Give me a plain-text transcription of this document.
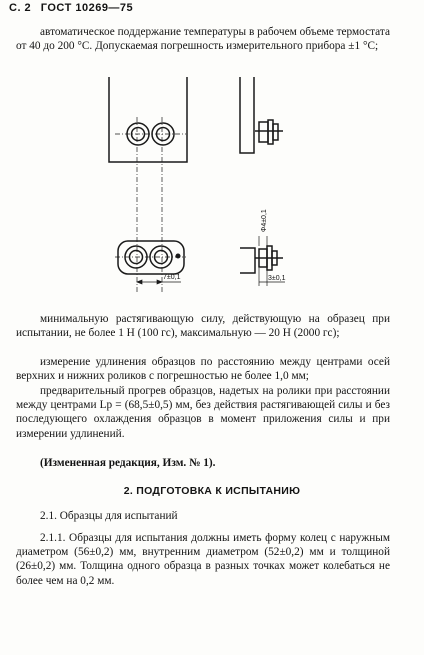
С. 2 ГОСТ 10269—75

автоматическое поддержание температуры в рабочем объеме термостата от 40 до 200 °С. Допускаемая погрешность измерительного прибора ±1 °С;

Ф4±0,1
3±0,1
7±0,1

минимальную растягивающую силу, действующую на образец при испытании, не более 1 Н (100 гс), максимальную — 20 Н (2000 гс);

измерение удлинения образцов по расстоянию между центрами осей верхних и нижних роликов с погрешностью не более 1,0 мм;

предварительный прогрев образцов, надетых на ролики при расстоянии между центрами Lр = (68,5±0,5) мм, без действия растягивающей силы и без последующего охлаждения образцов в момент приложения силы и при измерении удлинений.

(Измененная редакция, Изм. № 1).

2. ПОДГОТОВКА К ИСПЫТАНИЮ

2.1. Образцы для испытаний

2.1.1. Образцы для испытания должны иметь форму колец с наружным диаметром (56±0,2) мм, внутренним диаметром (52±0,2) мм и толщиной (26±0,2) мм. Толщина одного образца в разных точках может колебаться не более чем на 0,2 мм.
